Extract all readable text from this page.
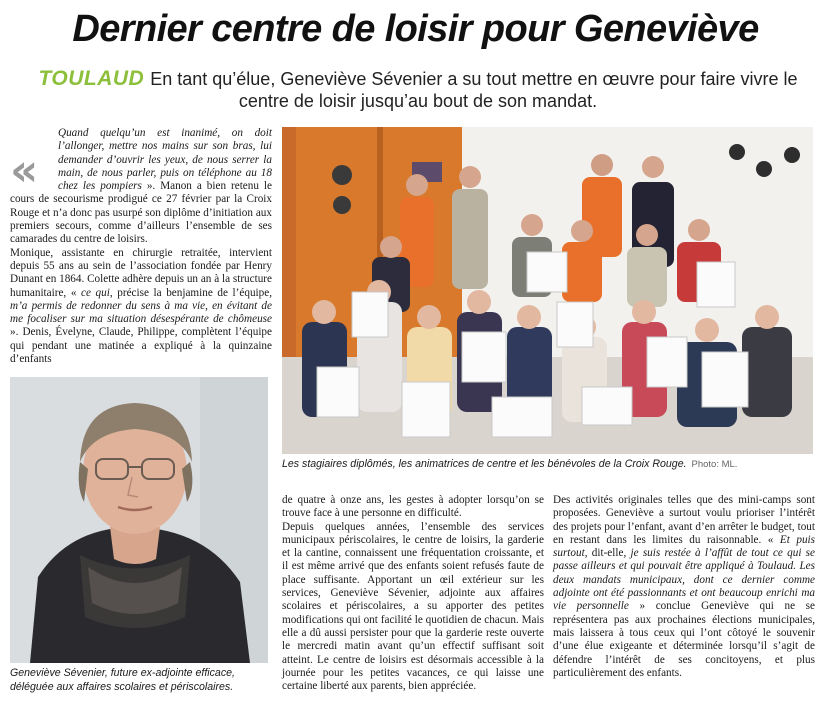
Dernier centre de loisir pour Geneviève
TOULAUD En tant qu’élue, Geneviève Sévenier a su tout mettre en œuvre pour faire vivre le centre de loisir jusqu’au bout de son mandat.
‹‹

Quand quelqu’un est inanimé, on doit l’allonger, mettre nos mains sur son bras, lui demander d’ouvrir les yeux, de nous serrer la main, de nous parler, puis on téléphone au 18 chez les pompiers ». Manon a bien retenu le cours de secourisme prodigué ce 27 février par la Croix Rouge et n’a donc pas usurpé son diplôme d’initiation aux premiers secours, comme d’ailleurs l’ensemble de ses camarades du centre de loisirs.

Monique, assistante en chirurgie retraitée, intervient depuis 55 ans au sein de l’association fondée par Henry Dunant en 1864. Colette adhère depuis un an à la structure humanitaire, « ce qui, précise la benjamine de l’équipe, m’a permis de redonner du sens à ma vie, en évitant de me focaliser sur ma situation désespérante de chômeuse ». Denis, Évelyne, Claude, Philippe, complètent l’équipe qui pendant une matinée a expliqué à la quinzaine d’enfants

Geneviève Sévenier, future ex-adjointe efficace, déléguée aux affaires scolaires et périscolaires.
Les stagiaires diplômés, les animatrices de centre et les bénévoles de la Croix Rouge. Photo: ML.

de quatre à onze ans, les gestes à adopter lorsqu’on se trouve face à une personne en difficulté.

Depuis quelques années, l’ensemble des services municipaux périscolaires, le centre de loisirs, la garderie et la cantine, connaissent une fréquentation croissante, et il est même arrivé que des enfants soient refusés faute de place suffisante. Apportant un œil extérieur sur les services, Geneviève Sévenier, adjointe aux affaires scolaires et périscolaires, a su apporter des petites modifications qui ont facilité le quotidien de chacun. Mais elle a dû aussi persister pour que la garderie reste ouverte le mercredi matin avant qu’un effectif suffisant soit atteint. Le centre de loisirs est désormais accessible à la journée pour les petites vacances, ce qui laisse une certaine liberté aux parents, bien appréciée.

Des activités originales telles que des mini-camps sont proposées. Geneviève a surtout voulu prioriser l’intérêt des projets pour l’enfant, avant d’en arrêter le budget, tout en restant dans les limites du raisonnable. « Et puis surtout, dit-elle, je suis restée à l’affût de tout ce qui se passe ailleurs et qui pouvait être appliqué à Toulaud. Les deux mandats municipaux, dont ce dernier comme adjointe ont été passionnants et ont beaucoup enrichi ma vie personnelle » conclue Geneviève qui ne se représentera pas aux prochaines élections municipales, mais laissera à tous ceux qui l’ont côtoyé le souvenir d’une élue exigeante et déterminée lorsqu’il s’agit de défendre l’intérêt de ses concitoyens, et plus particulièrement des enfants.
